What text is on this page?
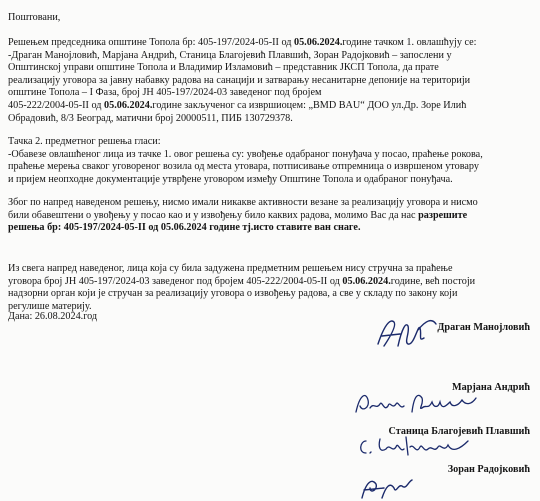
Поштовани,
Решењем председника општине Топола бр: 405-197/2024-05-II од 05.06.2024.године тачком 1. овлашћују се:
-Драган Манојловић, Марјана Андрић, Станица Благојевић Плавшић, Зоран Радојковић – запослени у
Општинској управи општине Топола и Владимир Изламовић – представник ЈКСП Топола, да прате
реализацију уговора за јавну набавку радова на санацији и затварању несанитарне депоније на територији
општине Топола – I Фаза, број ЈН 405-197/2024-03 заведеног под бројем
405-222/2004-05-II од 05.06.2024.године закљученог са извршиоцем: „BMD BAU“ ДОО ул.Др. Зоре Илић
Обрадовић, 8/3 Београд, матични број 20000511, ПИБ 130729378.
Тачка 2. предметног решења гласи:
-Обавезе овлашћеног лица из тачке 1. овог решења су: увођење одабраног понуђача у посао, праћење рокова,
праћење мерења сваког уговореног возила од места утовара, потписивање отпремница о извршеном утовару
и пријем неопходне документације утврђене уговором између Општине Топола и одабраног понуђача.
Због по напред наведеном решењу, нисмо имали никакве активности везане за реализацију уговора и нисмо
били обавештени о увођењу у посао као и у извођењу било каквих радова, молимо Вас да нас разрешите
решења бр: 405-197/2024-05-II од 05.06.2024 године тј.исто ставите ван снаге.
Из свега напред наведеног, лица која су била задужена предметним решењем нису стручна за праћење
уговора број ЈН 405-197/2024-03 заведеног под бројем 405-222/2004-05-II од 05.06.2024.године, већ постоји
надзорни орган који је стручан за реализацију уговора о извођењу радова, а све у складу по закону који
регулише материју.
Дана: 26.08.2024.год
Драган Манојловић
Марјана Андрић
Станица Благојевић Плавшић
Зоран Радојковић
